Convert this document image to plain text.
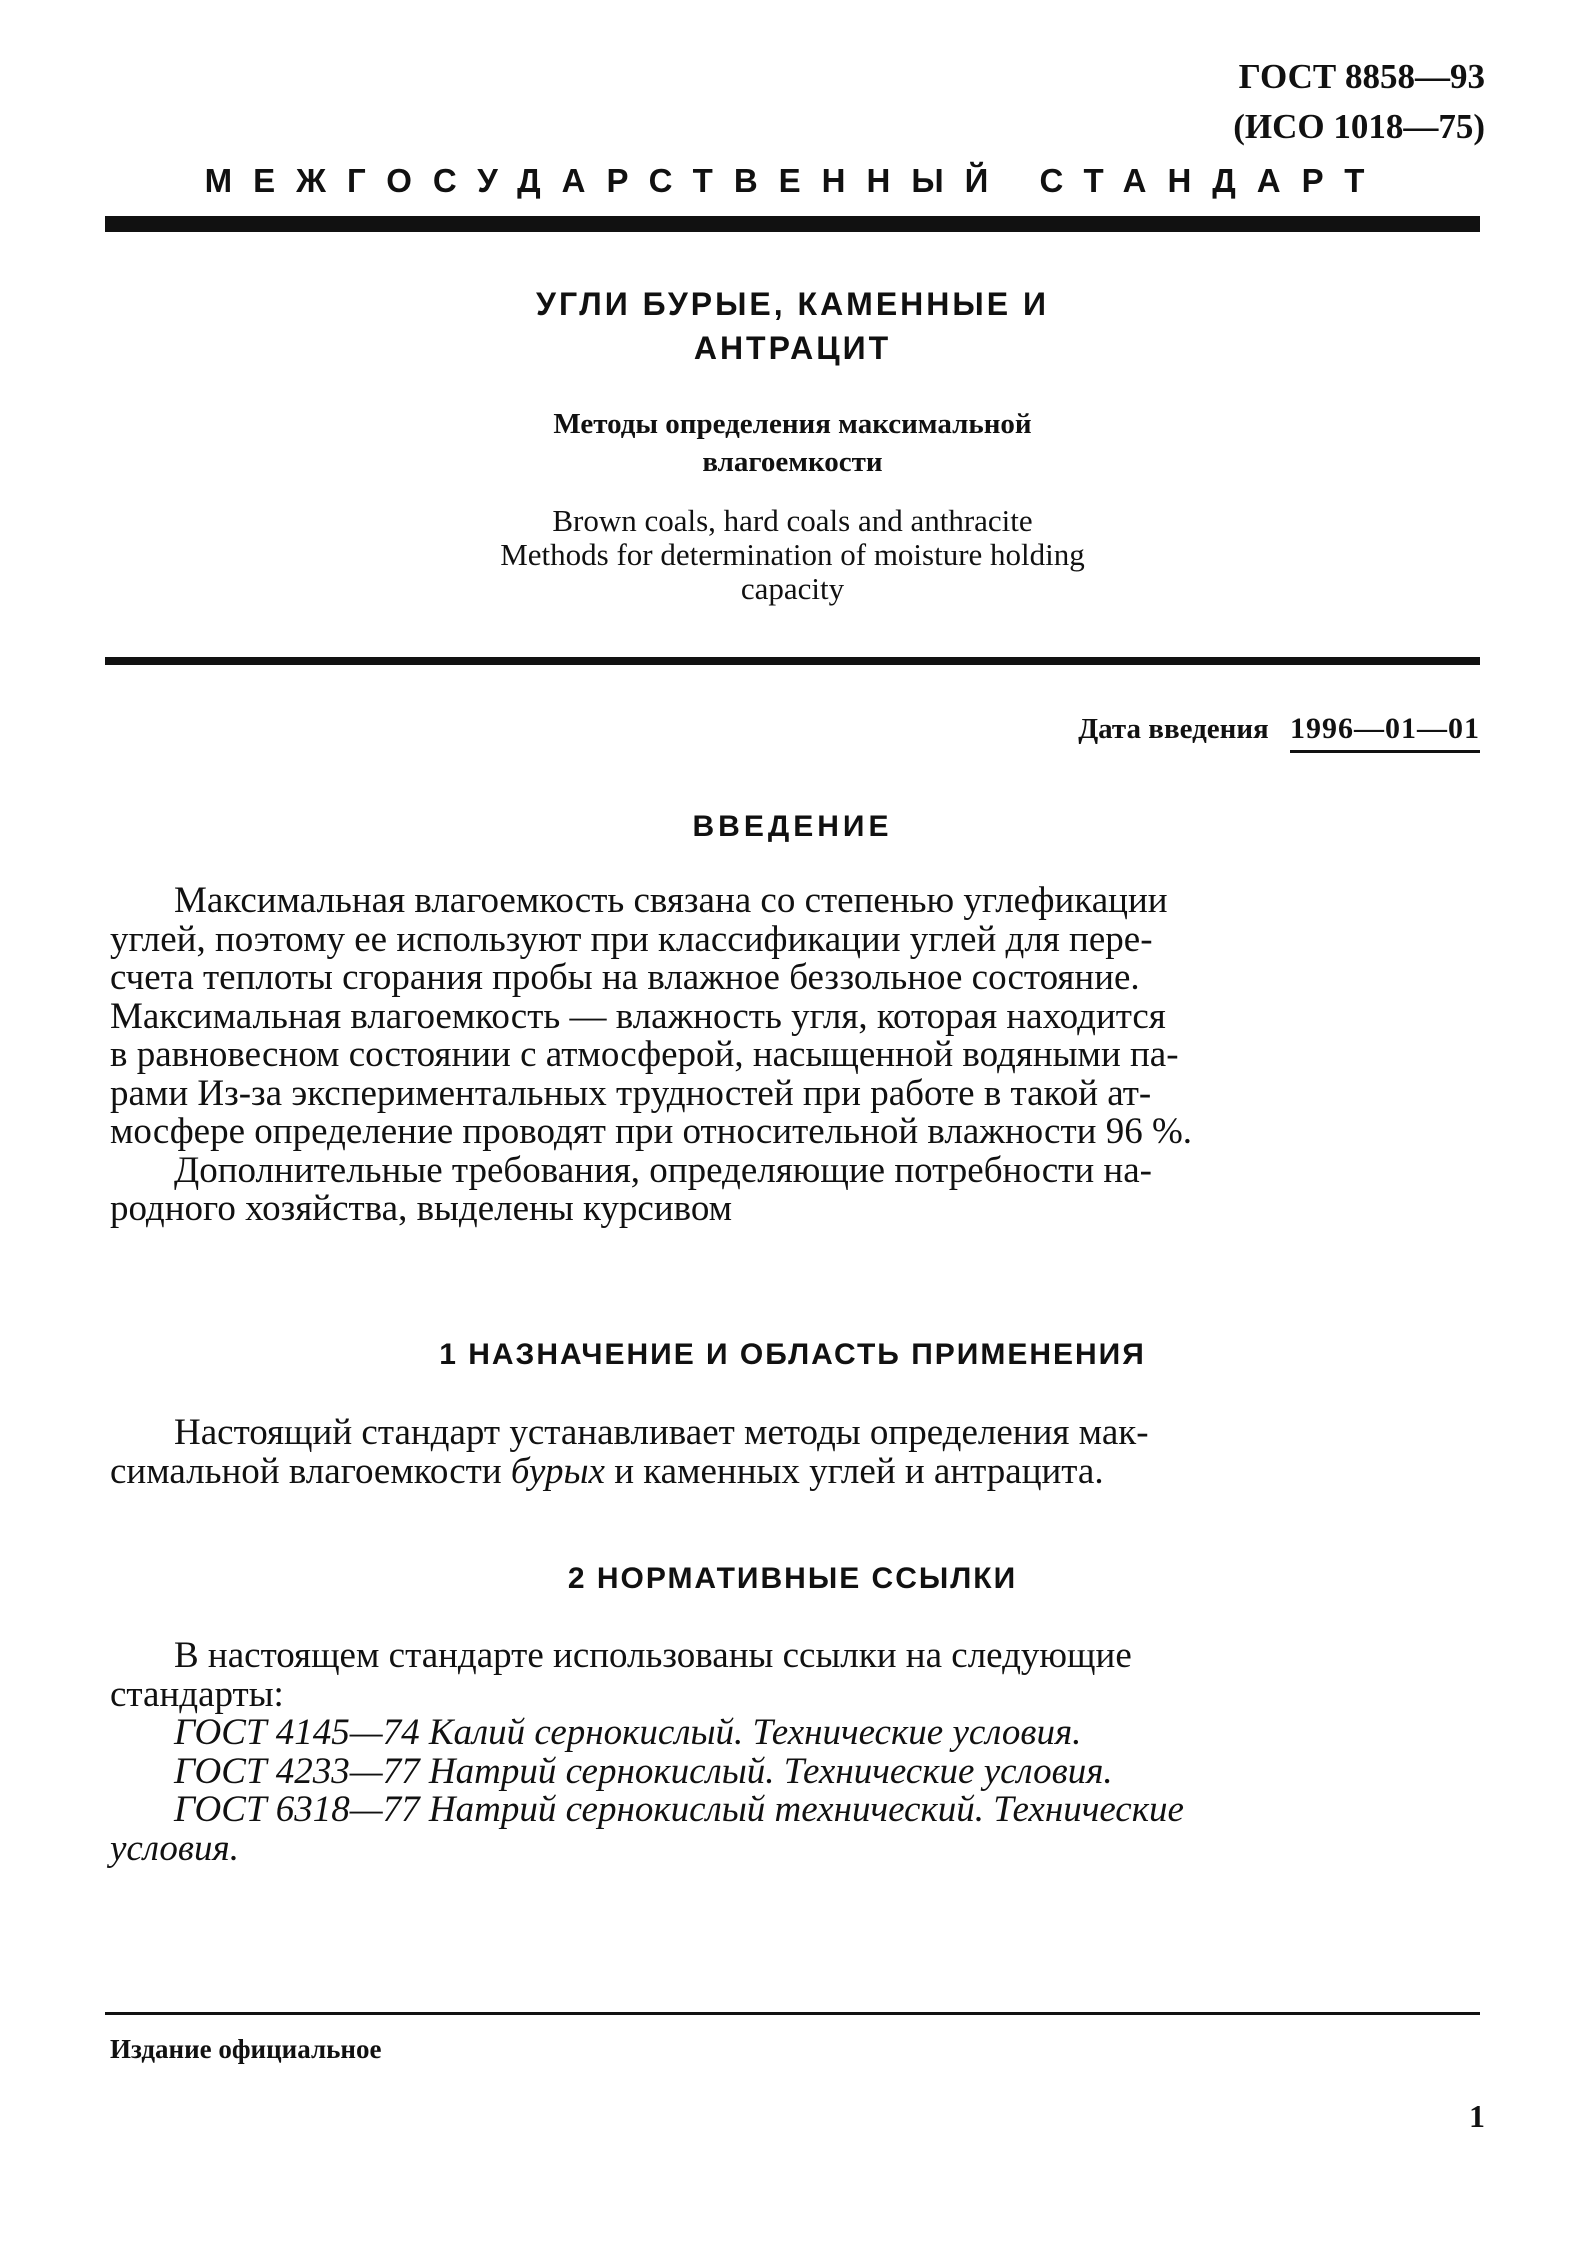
ГОСТ 8858—93
(ИСО 1018—75)
МЕЖГОСУДАРСТВЕННЫЙ СТАНДАРТ
УГЛИ БУРЫЕ, КАМЕННЫЕ И
АНТРАЦИТ
Методы определения максимальной
влагоемкости
Brown coals, hard coals and anthracite
Methods for determination of moisture holding
capacity
Дата введения 1996—01—01
ВВЕДЕНИЕ
Максимальная влагоемкость связана со степенью углефикации
углей, поэтому ее используют при классификации углей для пере-
счета теплоты сгорания пробы на влажное беззольное состояние.
Максимальная влагоемкость — влажность угля, которая находится
в равновесном состоянии с атмосферой, насыщенной водяными па-
рами Из-за экспериментальных трудностей при работе в такой ат-
мосфере определение проводят при относительной влажности 96 %.
Дополнительные требования, определяющие потребности на-
родного хозяйства, выделены курсивом
1 НАЗНАЧЕНИЕ И ОБЛАСТЬ ПРИМЕНЕНИЯ
Настоящий стандарт устанавливает методы определения мак-
симальной влагоемкости бурых и каменных углей и антрацита.
2 НОРМАТИВНЫЕ ССЫЛКИ
В настоящем стандарте использованы ссылки на следующие
стандарты:
ГОСТ 4145—74 Калий сернокислый. Технические условия.
ГОСТ 4233—77 Натрий сернокислый. Технические условия.
ГОСТ 6318—77 Натрий сернокислый технический. Технические
условия.
Издание официальное
1
